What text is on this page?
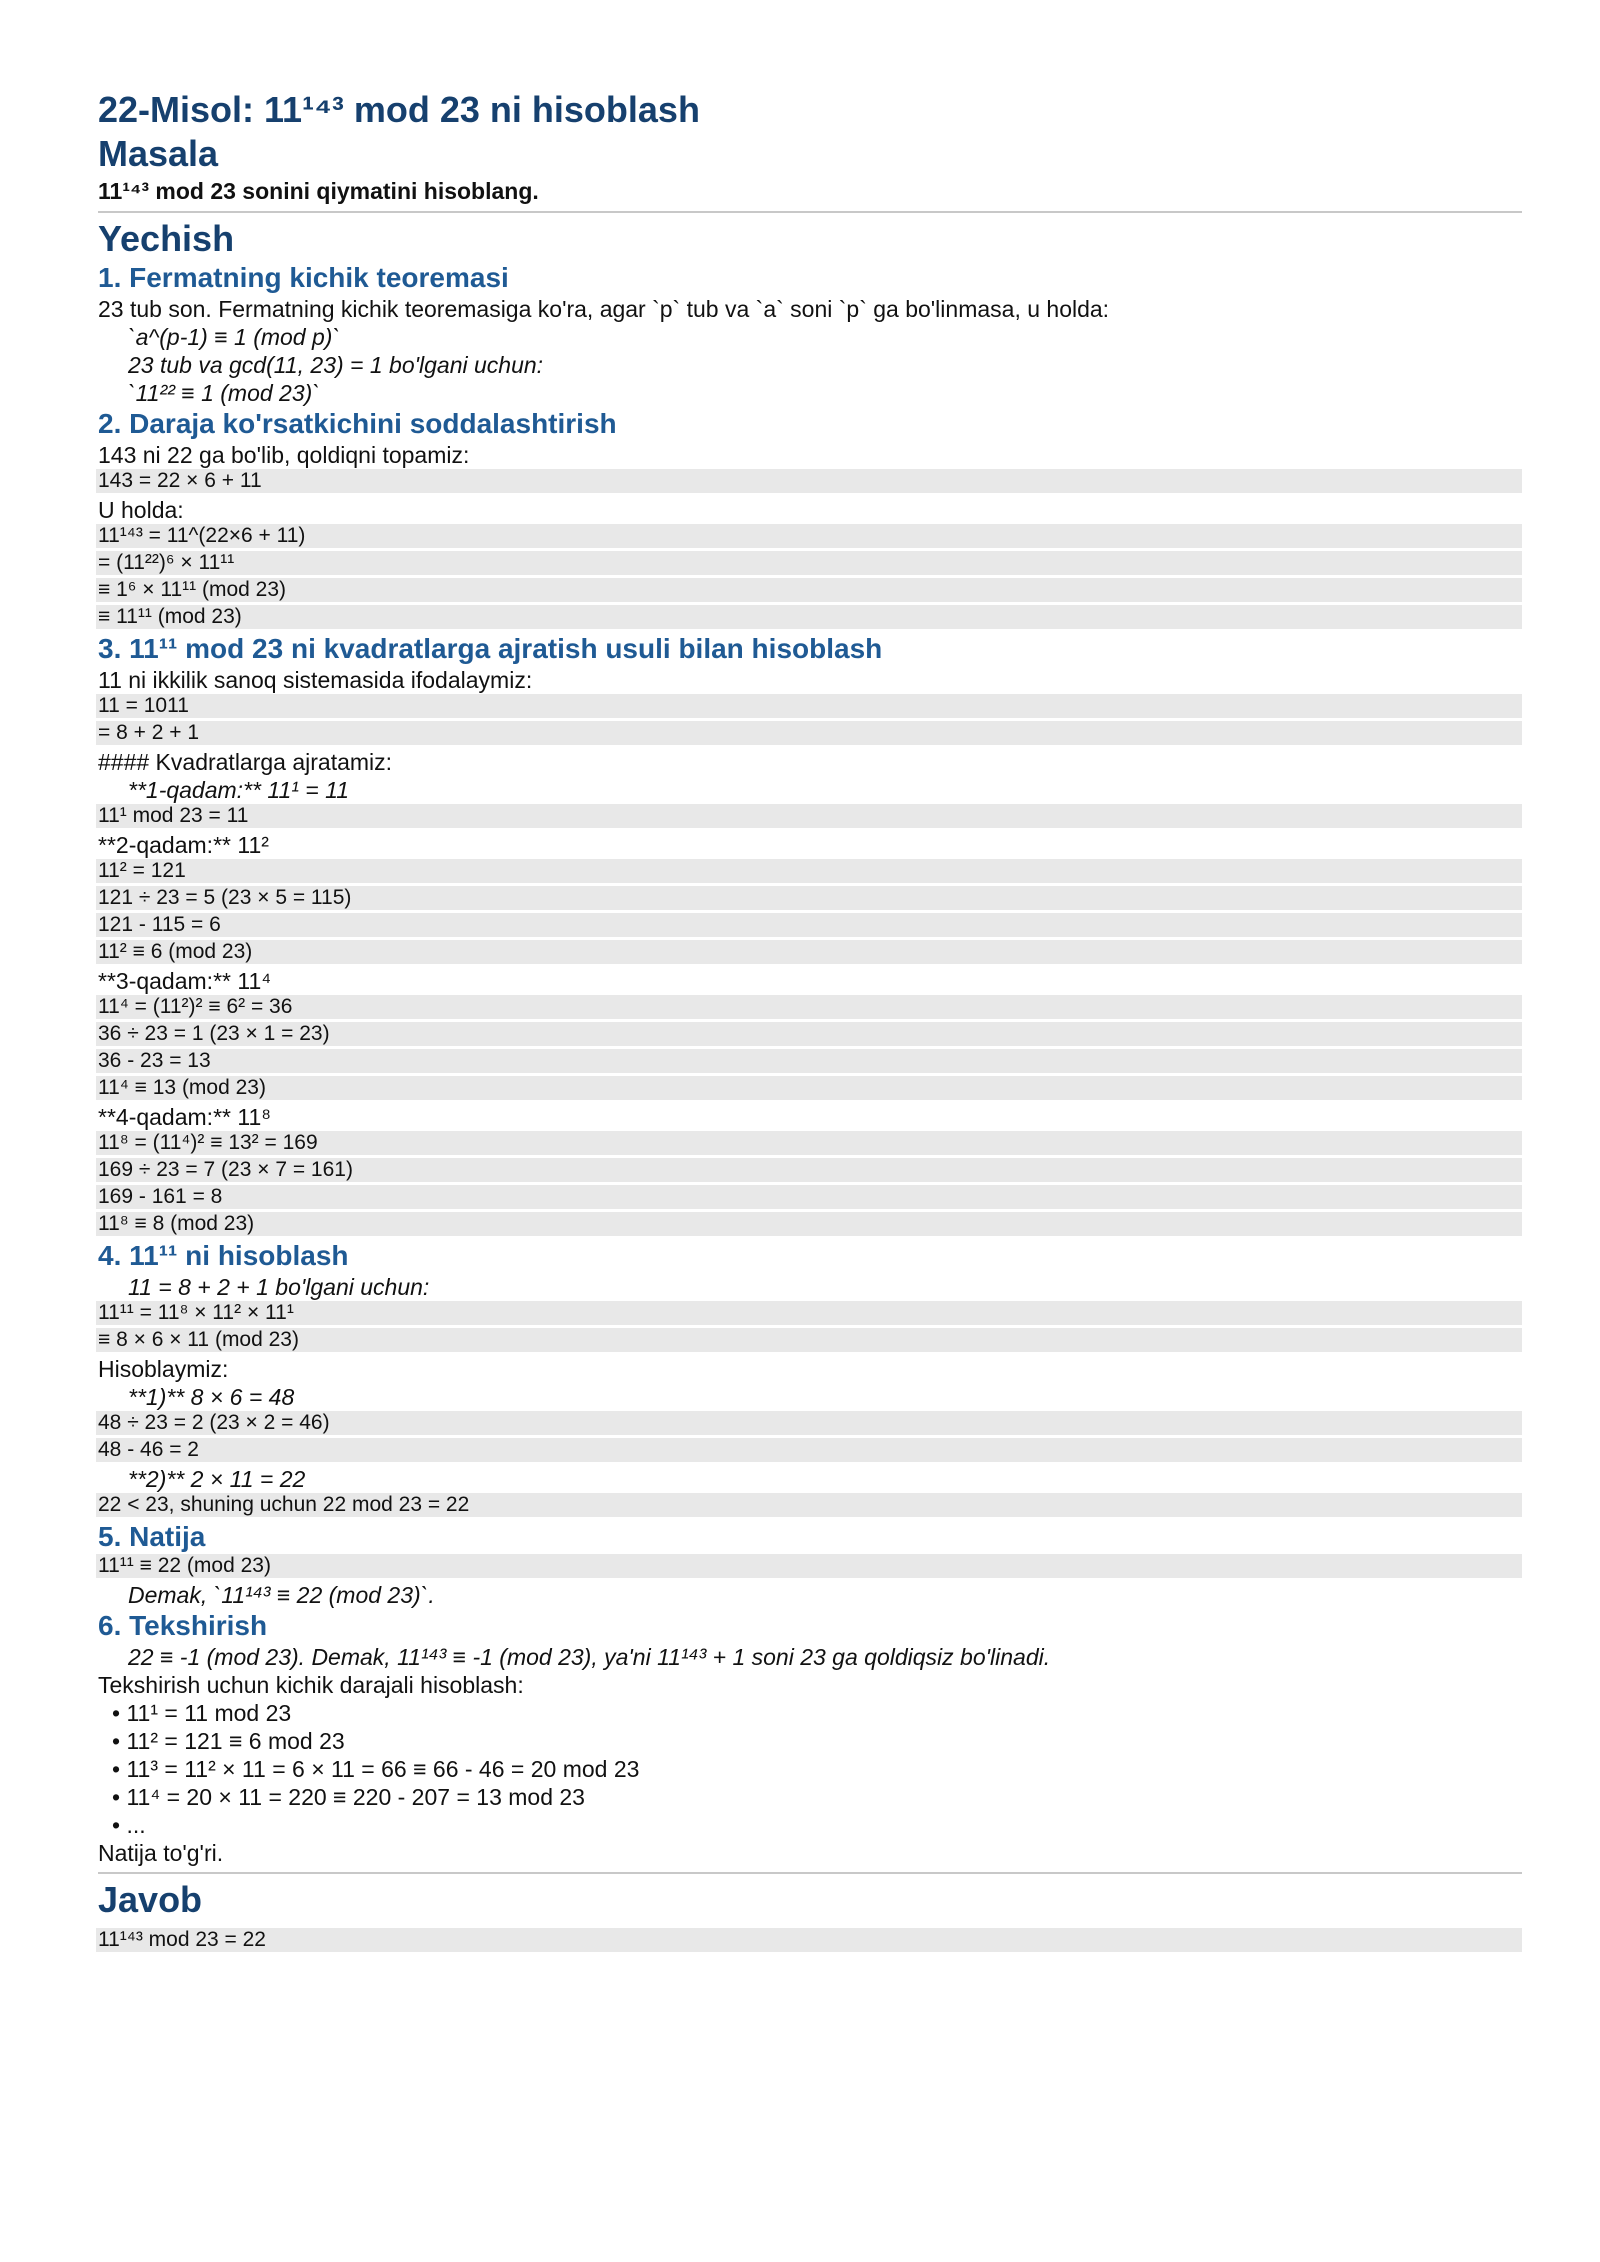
22-Misol: 11¹⁴³ mod 23 ni hisoblash
Masala
11¹⁴³ mod 23 sonini qiymatini hisoblang.
Yechish
1. Fermatning kichik teoremasi
23 tub son. Fermatning kichik teoremasiga ko'ra, agar `p` tub va `a` soni `p` ga bo'linmasa, u holda:
`a^(p-1) ≡ 1 (mod p)`
23 tub va gcd(11, 23) = 1 bo'lgani uchun:
`11²² ≡ 1 (mod 23)`
2. Daraja ko'rsatkichini soddalashtirish
143 ni 22 ga bo'lib, qoldiqni topamiz:
143 = 22 × 6 + 11
U holda:
11¹⁴³ = 11^(22×6 + 11)
= (11²²)⁶ × 11¹¹
≡ 1⁶ × 11¹¹ (mod 23)
≡ 11¹¹ (mod 23)
3. 11¹¹ mod 23 ni kvadratlarga ajratish usuli bilan hisoblash
11 ni ikkilik sanoq sistemasida ifodalaymiz:
11 = 1011
= 8 + 2 + 1
#### Kvadratlarga ajratamiz:
**1-qadam:** 11¹ = 11
11¹ mod 23 = 11
**2-qadam:** 11²
11² = 121
121 ÷ 23 = 5 (23 × 5 = 115)
121 - 115 = 6
11² ≡ 6 (mod 23)
**3-qadam:** 11⁴
11⁴ = (11²)² ≡ 6² = 36
36 ÷ 23 = 1 (23 × 1 = 23)
36 - 23 = 13
11⁴ ≡ 13 (mod 23)
**4-qadam:** 11⁸
11⁸ = (11⁴)² ≡ 13² = 169
169 ÷ 23 = 7 (23 × 7 = 161)
169 - 161 = 8
11⁸ ≡ 8 (mod 23)
4. 11¹¹ ni hisoblash
11 = 8 + 2 + 1 bo'lgani uchun:
11¹¹ = 11⁸ × 11² × 11¹
≡ 8 × 6 × 11 (mod 23)
Hisoblaymiz:
**1)** 8 × 6 = 48
48 ÷ 23 = 2 (23 × 2 = 46)
48 - 46 = 2
**2)** 2 × 11 = 22
22 < 23, shuning uchun 22 mod 23 = 22
5. Natija
11¹¹ ≡ 22 (mod 23)
Demak, `11¹⁴³ ≡ 22 (mod 23)`.
6. Tekshirish
22 ≡ -1 (mod 23). Demak, 11¹⁴³ ≡ -1 (mod 23), ya'ni 11¹⁴³ + 1 soni 23 ga qoldiqsiz bo'linadi.
Tekshirish uchun kichik darajali hisoblash:
• 11¹ = 11 mod 23
• 11² = 121 ≡ 6 mod 23
• 11³ = 11² × 11 = 6 × 11 = 66 ≡ 66 - 46 = 20 mod 23
• 11⁴ = 20 × 11 = 220 ≡ 220 - 207 = 13 mod 23
• ...
Natija to'g'ri.
Javob
11¹⁴³ mod 23 = 22
